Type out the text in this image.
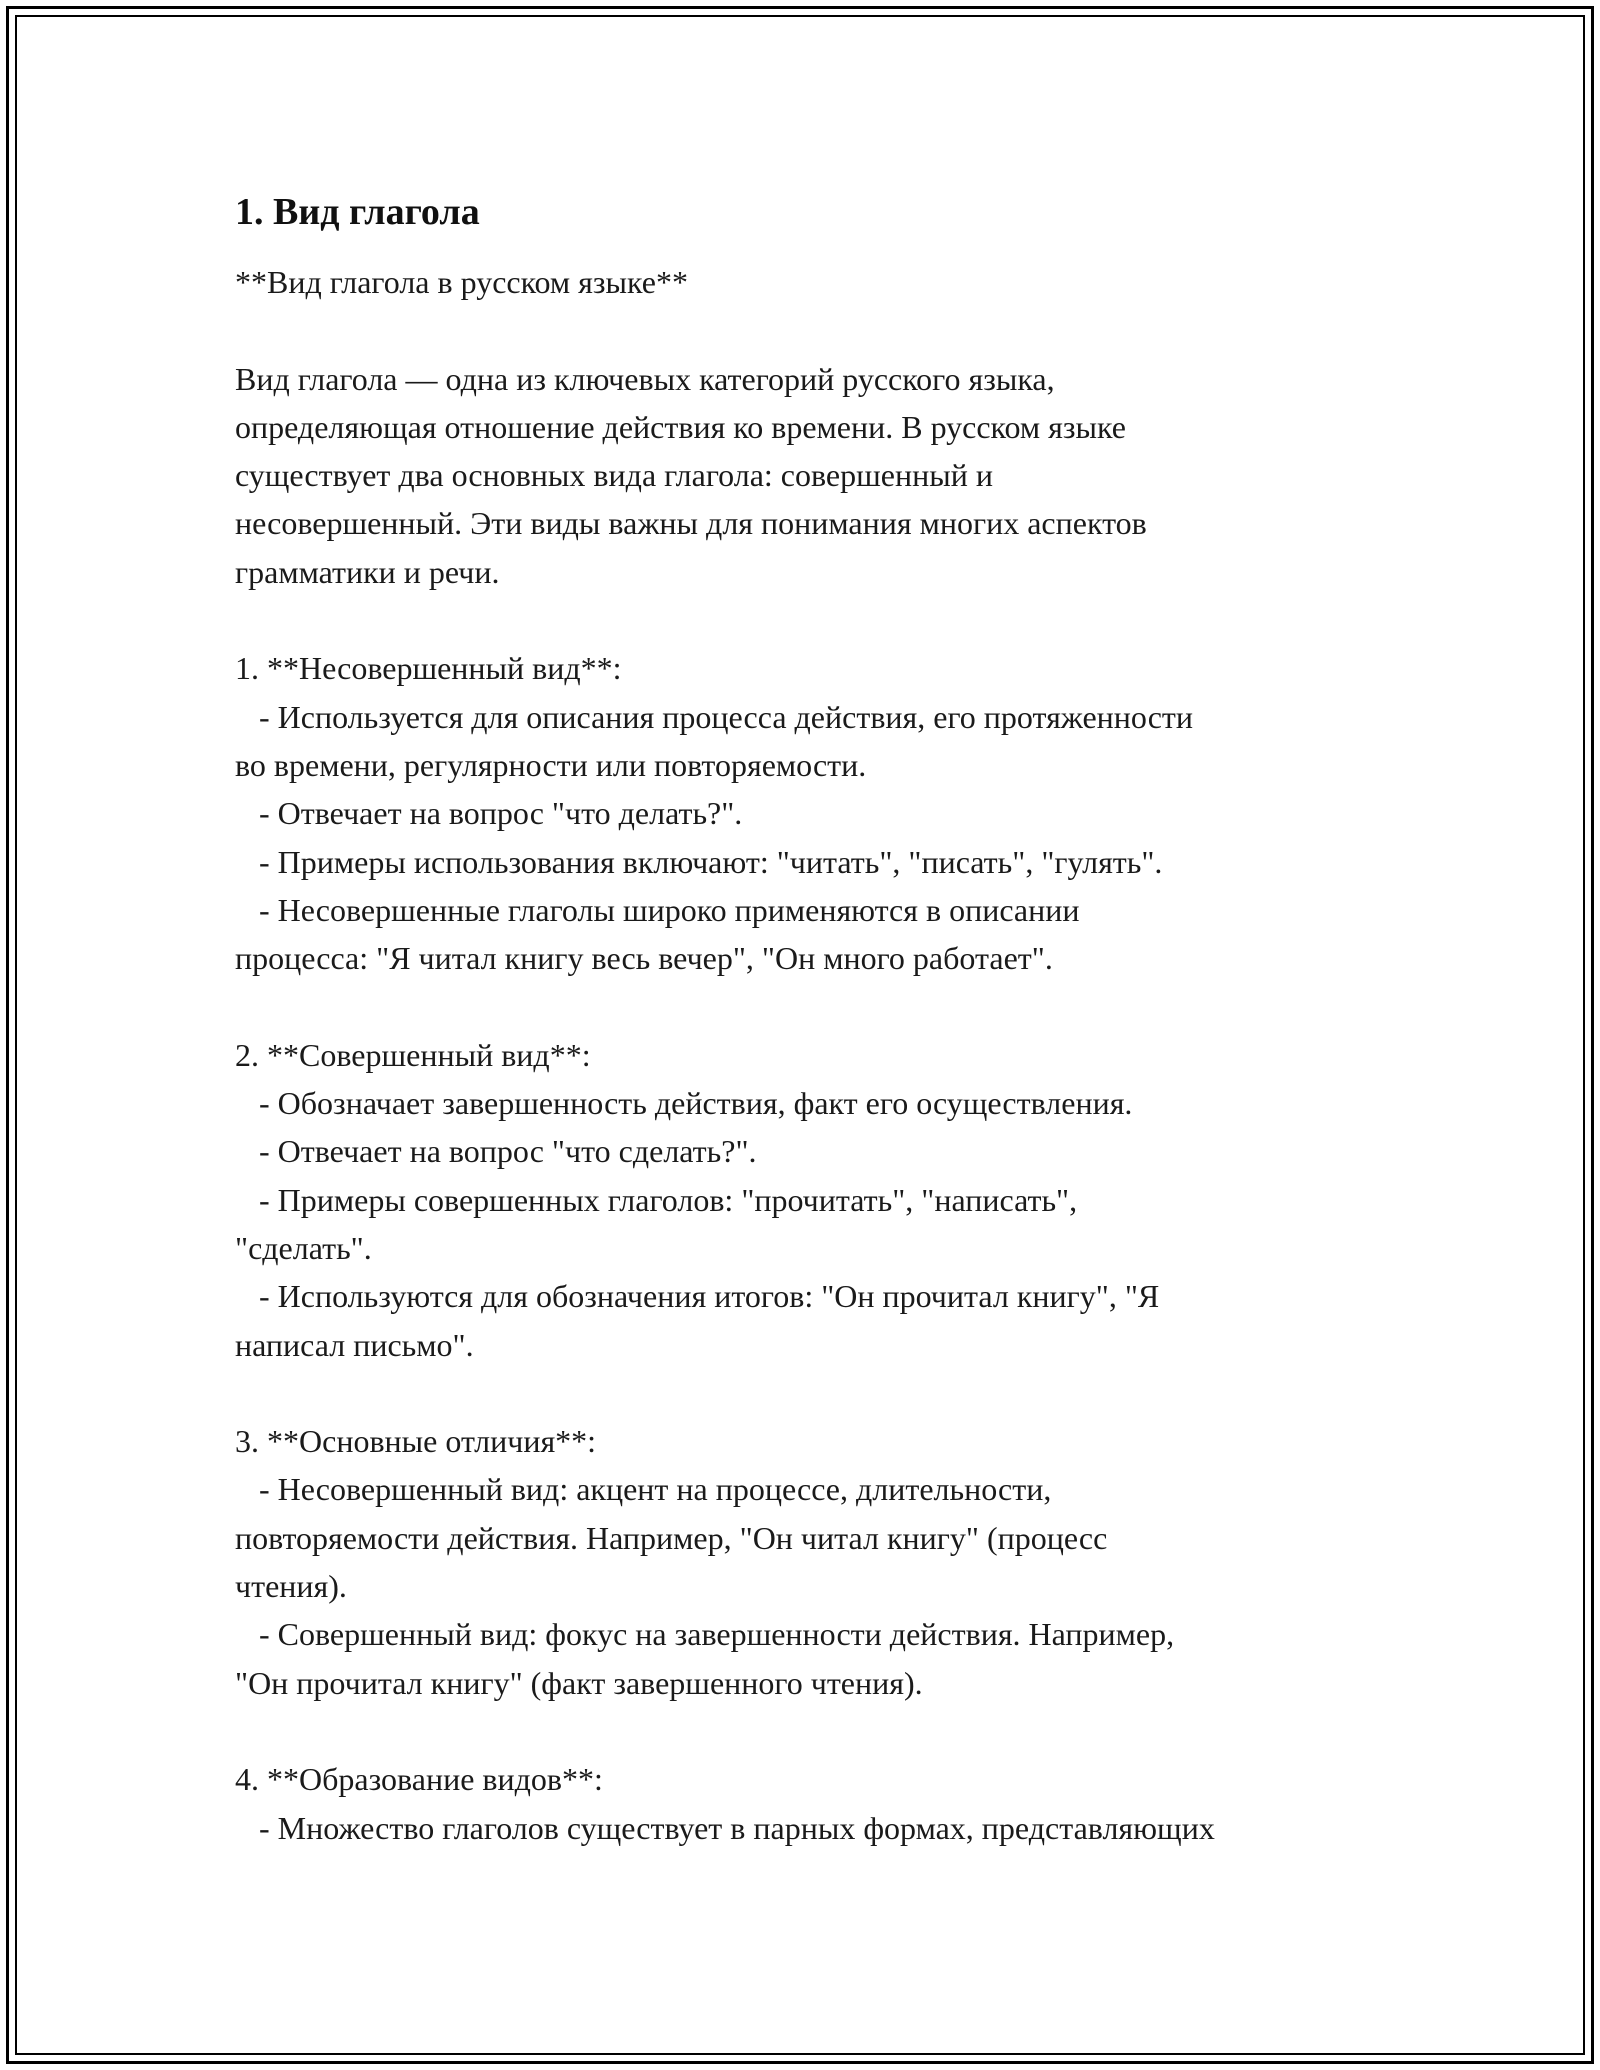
1. Вид глагола
**Вид глагола в русском языке**
Вид глагола — одна из ключевых категорий русского языка,
определяющая отношение действия ко времени. В русском языке
существует два основных вида глагола: совершенный и
несовершенный. Эти виды важны для понимания многих аспектов
грамматики и речи.
1. **Несовершенный вид**:
- Используется для описания процесса действия, его протяженности
во времени, регулярности или повторяемости.
- Отвечает на вопрос "что делать?".
- Примеры использования включают: "читать", "писать", "гулять".
- Несовершенные глаголы широко применяются в описании
процесса: "Я читал книгу весь вечер", "Он много работает".
2. **Совершенный вид**:
- Обозначает завершенность действия, факт его осуществления.
- Отвечает на вопрос "что сделать?".
- Примеры совершенных глаголов: "прочитать", "написать",
"сделать".
- Используются для обозначения итогов: "Он прочитал книгу", "Я
написал письмо".
3. **Основные отличия**:
- Несовершенный вид: акцент на процессе, длительности,
повторяемости действия. Например, "Он читал книгу" (процесс
чтения).
- Совершенный вид: фокус на завершенности действия. Например,
"Он прочитал книгу" (факт завершенного чтения).
4. **Образование видов**:
- Множество глаголов существует в парных формах, представляющих
